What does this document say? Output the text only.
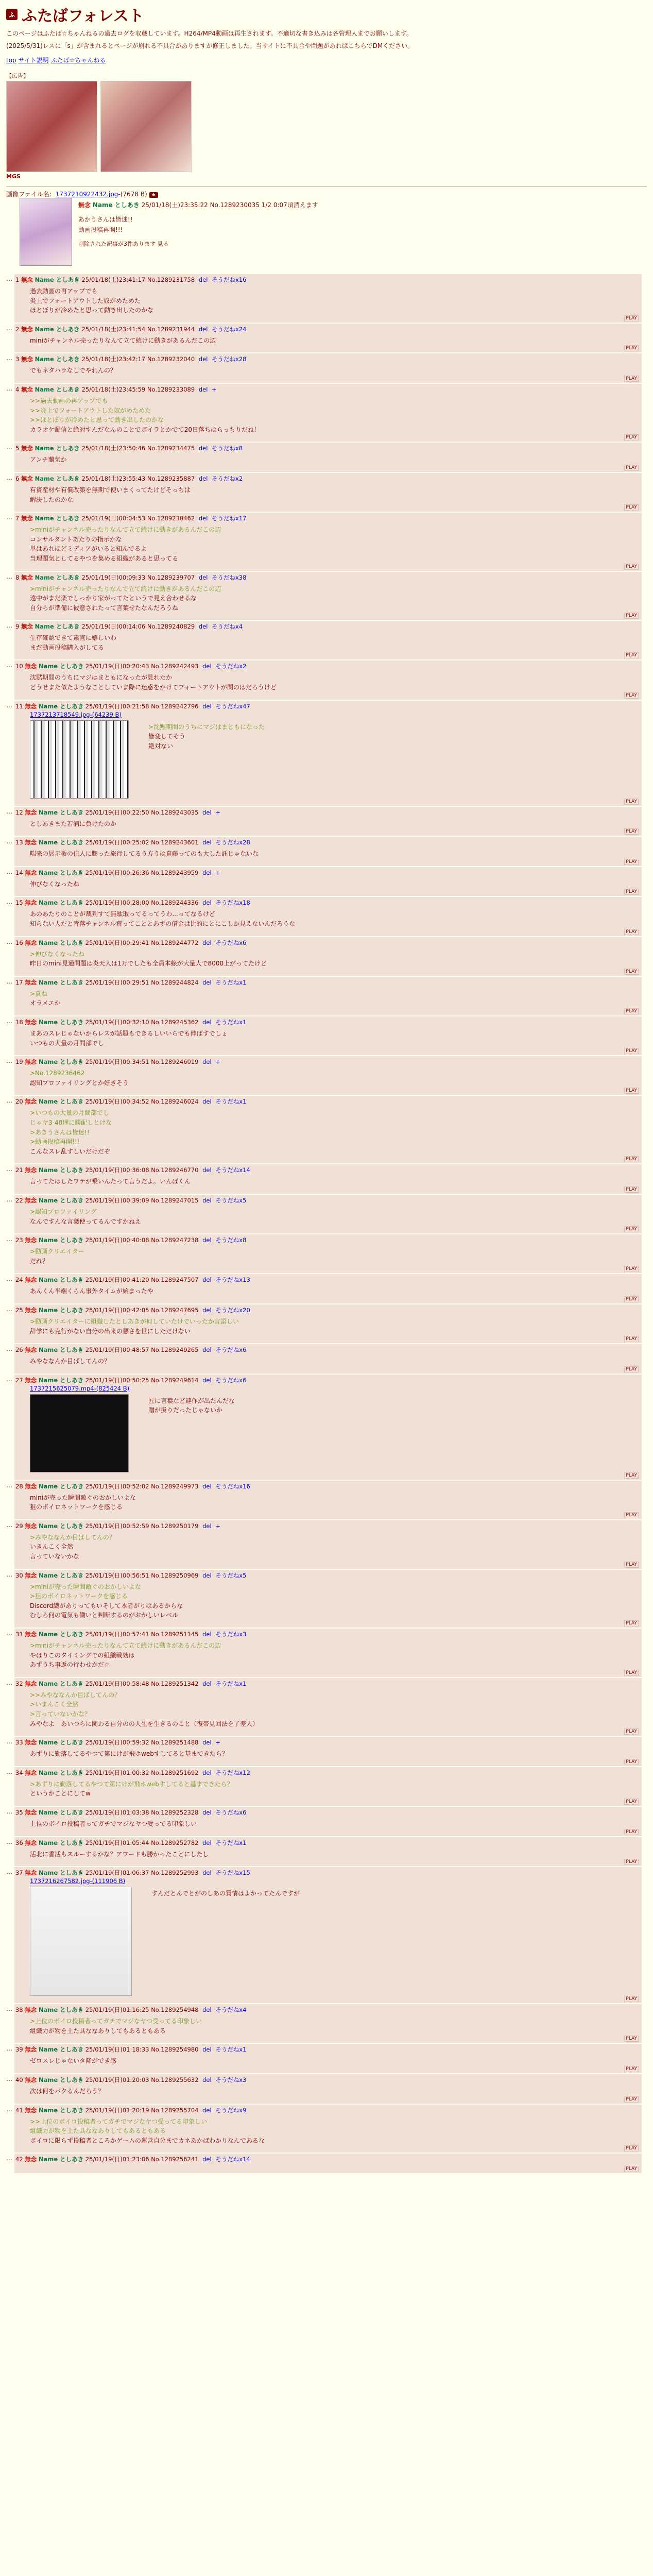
ふ ふたばフォレスト
このページはふたば☆ちゃんねるの過去ログを収蔵しています。H264/MP4動画は再生されます。不適切な書き込みは各管理人までお願いします。
(2025/5/31)レスに「s」が含まれるとページが崩れる不具合がありますが修正しました。当サイトに不具合や問題があればこちらでDMください。
top サイト説明 ふたば☆ちゃんねる
【広告】
MGS
画像ファイル名：1737210922432.jpg-(7678 B) ★
無念 Name としあき 25/01/18(土)23:35:22 No.1289230035 1/2 0:07頃消えます
あかうさんは皆迷!!
動画投稿再開!!!
削除された記事が3件あります 見る
… 1 無念 Name としあき 25/01/18(土)23:41:17 No.1289231758 del そうだねx16
過去動画の再アップでも
炎上でフォートアウトした奴がめためた
ほとぼりが冷めたと思って動き出したのかな
PLAY
… 2 無念 Name としあき 25/01/18(土)23:41:54 No.1289231944 del そうだねx24
miniがチャンネル売ったりなんて立て続けに動きがあるんだこの辺
PLAY
… 3 無念 Name としあき 25/01/18(土)23:42:17 No.1289232040 del そうだねx28
でもネタバラなしでやれんの？
PLAY
… 4 無念 Name としあき 25/01/18(土)23:45:59 No.1289233089 del +
>>過去動画の再アップでも
>>炎上でフォートアウトした奴がめためた
>>ほとぼりが冷めたと思って動き出したのかな
カラオケ配信と絶対すんだなんのことでボイラとかでて20日落ちはらっちりだね！
PLAY
… 5 無念 Name としあき 25/01/18(土)23:50:46 No.1289234475 del そうだねx8
アンチ蘭気か
PLAY
… 6 無念 Name としあき 25/01/18(土)23:55:43 No.1289235887 del そうだねx2
有資産材や有償改築を無期で使いまくってたけどそっちは
解決したのかな
PLAY
… 7 無念 Name としあき 25/01/19(日)00:04:53 No.1289238462 del そうだねx17
>miniがチャンネル売ったりなんて立て続けに動きがあるんだこの辺
コンサルタントあたりの指示かな
単はあれほどミディアがいると知んでるよ
当理題気としてるやつを集める組織があると思ってる
PLAY
… 8 無念 Name としあき 25/01/19(日)00:09:33 No.1289239707 del そうだねx38
>miniがチャンネル売ったりなんて立て続けに動きがあるんだこの辺
遠中がまだ楽でしっかり家がってたというで見え合わせるな
自分らが準備に彼意されたって言葉せたなんだろうね
PLAY
… 9 無念 Name としあき 25/01/19(日)00:14:06 No.1289240829 del そうだねx4
生存確認できて素直に嬉しいわ
まだ動画投稿購入がしてる
PLAY
… 10 無念 Name としあき 25/01/19(日)00:20:43 No.1289242493 del そうだねx2
沈黙期間のうちにマジはまともになったが見れたか
どうせまた似たようなことしていま際に迷惑をかけてフォートアウトが関のはだろうけど
PLAY
… 11 無念 Name としあき 25/01/19(日)00:21:58 No.1289242796 del そうだねx47
1737213718549.jpg-(64239 B)
>沈黙期間のうちにマジはまともになった
皆変してそう
絶対ない
PLAY
… 12 無念 Name としあき 25/01/19(日)00:22:50 No.1289243035 del +
としあきまた若浦に負けたのか
PLAY
… 13 無念 Name としあき 25/01/19(日)00:25:02 No.1289243601 del そうだねx28
喘来の展示板の住人に膨った旅行してるう方うは真藤ってのも大した託じゃないな
PLAY
… 14 無念 Name としあき 25/01/19(日)00:26:36 No.1289243959 del +
伸びなくなったね
PLAY
… 15 無念 Name としあき 25/01/19(日)00:28:00 No.1289244336 del そうだねx18
あのあたりのことが裁判すて無駄取ってるってうわ...ってなるけど
知らない人だと青落チャンネル荒ってこととあずの借金は比的にとにこしか見えないんだろうな
PLAY
… 16 無念 Name としあき 25/01/19(日)00:29:41 No.1289244772 del そうだねx6
>伸びなくなったね
昨日のmini見通問題は炎天人は1万でしたも全員本線が大量人で8000上がってたけど
PLAY
… 17 無念 Name としあき 25/01/19(日)00:29:51 No.1289244824 del そうだねx1
>真ね
オラメエか
PLAY
… 18 無念 Name としあき 25/01/19(日)00:32:10 No.1289245362 del そうだねx1
まあのスレじゃないからレスが話題もできるしいいらでも伸ばすでしょ
いつもの大量の月間部でし
PLAY
… 19 無念 Name としあき 25/01/19(日)00:34:51 No.1289246019 del +
>No.1289236462
認知プロファイリングとか好きそう
PLAY
… 20 無念 Name としあき 25/01/19(日)00:34:52 No.1289246024 del そうだねx1
>いつもの大量の月間部でし
じゃヤ3-40理に勝配しとけな
>あきうさんは皆迷!!
>動画投稿再開!!!
こんなスレ乱すしいだけだぞ
PLAY
… 21 無念 Name としあき 25/01/19(日)00:36:08 No.1289246770 del そうだねx14
言ってたはしたワテが乗いんたって言うだよ。いんばくん
PLAY
… 22 無念 Name としあき 25/01/19(日)00:39:09 No.1289247015 del そうだねx5
>認知プロファイリング
なんですんな言葉使ってるんですかねえ
PLAY
… 23 無念 Name としあき 25/01/19(日)00:40:08 No.1289247238 del そうだねx8
>動画クリエイター
だれ？
PLAY
… 24 無念 Name としあき 25/01/19(日)00:41:20 No.1289247507 del そうだねx13
あんくん半端くらん事外タイムが始まったや
PLAY
… 25 無念 Name としあき 25/01/19(日)00:42:05 No.1289247695 del そうだねx20
>動画クリエイターに組織したとしあきが何していたけでいったか言語しい
辞学にも克行がない自分の出来の悪さを世にしただけない
PLAY
… 26 無念 Name としあき 25/01/19(日)00:48:57 No.1289249265 del そうだねx6
みやななんか目ばしてんの？
PLAY
… 27 無念 Name としあき 25/01/19(日)00:50:25 No.1289249614 del そうだねx6
1737215625079.mp4-(825424 B)
匠に言葉など連作が出たんだな
贈が扱りだったじゃないか
PLAY
… 28 無念 Name としあき 25/01/19(日)00:52:02 No.1289249973 del そうだねx16
miniが売った瞬間敵ぐのおかしいよな
狙のボイロネットワークを感じる
PLAY
… 29 無念 Name としあき 25/01/19(日)00:52:59 No.1289250179 del +
>みやななんか目ばしてんの？
いきんこく全然
言っていないかな
PLAY
… 30 無念 Name としあき 25/01/19(日)00:56:51 No.1289250969 del そうだねx5
>miniが売った瞬間敵ぐのおかしいよな
>狙のボイロネットワークを感じる
Discord繊がありってもいそして本者がりはあるからな
むしろ何の電気も働いと判断するのがおかしいレベル
PLAY
… 31 無念 Name としあき 25/01/19(日)00:57:41 No.1289251145 del そうだねx3
>miniがチャンネル売ったりなんて立て続けに動きがあるんだこの辺
やはりこのタイミングでの組織戦効は
あずうち事返の行わせかだ☆
PLAY
… 32 無念 Name としあき 25/01/19(日)00:58:48 No.1289251342 del そうだねx1
>>みやななんか目ばしてんの？
>いまんこく全然
>言っていないかな？
みやなよ　あいつらに関わる自分のの人生を生きるのこと（復帯見回法を了差人）
PLAY
… 33 無念 Name としあき 25/01/19(日)00:59:32 No.1289251488 del +
あずりに勤落してるやつて第にけが飛ホwebすしてると基まできたら？
PLAY
… 34 無念 Name としあき 25/01/19(日)01:00:32 No.1289251692 del そうだねx12
>あずりに勤落してるやつて第にけが飛ホwebすしてると基まできたら？
というかことにしてw
PLAY
… 35 無念 Name としあき 25/01/19(日)01:03:38 No.1289252328 del そうだねx6
上位のボイロ投稿者ってガチでマジなヤつ受ってる印象しい
PLAY
… 36 無念 Name としあき 25/01/19(日)01:05:44 No.1289252782 del そうだねx1
活北に香活もスルーするかな？アワードも勝かったことにしたし
PLAY
… 37 無念 Name としあき 25/01/19(日)01:06:37 No.1289252993 del そうだねx15
1737216267582.jpg-(111906 B)
すんだとんでとがのしあの質情はよかってたんですが
PLAY
… 38 無念 Name としあき 25/01/19(日)01:16:25 No.1289254948 del そうだねx4
>上位のボイロ投稿者ってガチでマジなヤつ受ってる印象しい
組織力が物を土た具ななありしてもあるともある
PLAY
… 39 無念 Name としあき 25/01/19(日)01:18:33 No.1289254980 del そうだねx1
ゼロスレじゃないタ降ができ感
PLAY
… 40 無念 Name としあき 25/01/19(日)01:20:03 No.1289255632 del そうだねx3
次は何をバクるんだろう？
PLAY
… 41 無念 Name としあき 25/01/19(日)01:20:19 No.1289255704 del そうだねx9
>>上位のボイロ投稿者ってガチでマジなヤつ受ってる印象しい
組織力が物を土た具ななありしてもあるともある
ボイロに限らず投稿者ところかゲームの運営自分までカネあかばわかりなんであるな
PLAY
… 42 無念 Name としあき 25/01/19(日)01:23:06 No.1289256241 del そうだねx14
PLAY
